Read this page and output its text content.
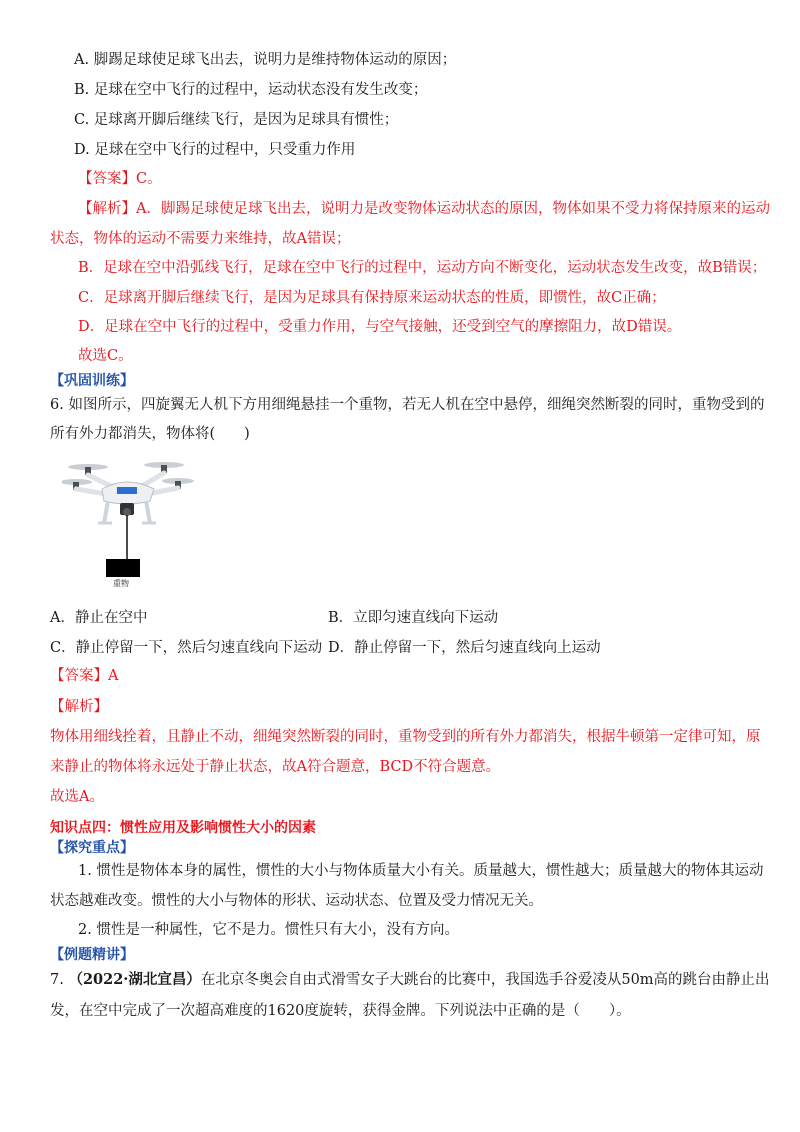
A. 脚踢足球使足球飞出去，说明力是维持物体运动的原因；
B. 足球在空中飞行的过程中，运动状态没有发生改变；
C. 足球离开脚后继续飞行，是因为足球具有惯性；
D. 足球在空中飞行的过程中，只受重力作用
【答案】C。
【解析】A．脚踢足球使足球飞出去，说明力是改变物体运动状态的原因，物体如果不受力将保持原来的运动
状态，物体的运动不需要力来维持，故A错误；
B．足球在空中沿弧线飞行，足球在空中飞行的过程中，运动方向不断变化，运动状态发生改变，故B错误；
C．足球离开脚后继续飞行，是因为足球具有保持原来运动状态的性质，即惯性，故C正确；
D．足球在空中飞行的过程中，受重力作用，与空气接触，还受到空气的摩擦阻力，故D错误。
故选C。
【巩固训练】
6. 如图所示，四旋翼无人机下方用细绳悬挂一个重物，若无人机在空中悬停，细绳突然断裂的同时，重物受到的
所有外力都消失，物体将(　　)
重物
A．静止在空中	B．立即匀速直线向下运动
C．静止停留一下，然后匀速直线向下运动 D．静止停留一下，然后匀速直线向上运动
【答案】A
【解析】
物体用细线拴着，且静止不动，细绳突然断裂的同时，重物受到的所有外力都消失，根据牛顿第一定律可知，原
来静止的物体将永远处于静止状态，故A符合题意，BCD不符合题意。
故选A。
知识点四：惯性应用及影响惯性大小的因素
【探究重点】
1. 惯性是物体本身的属性，惯性的大小与物体质量大小有关。质量越大，惯性越大；质量越大的物体其运动
状态越难改变。惯性的大小与物体的形状、运动状态、位置及受力情况无关。
2. 惯性是一种属性，它不是力。惯性只有大小，没有方向。
【例题精讲】
7. （2022·湖北宜昌）在北京冬奥会自由式滑雪女子大跳台的比赛中，我国选手谷爱凌从50m高的跳台由静止出
发，在空中完成了一次超高难度的1620度旋转，获得金牌。下列说法中正确的是（　　）。
